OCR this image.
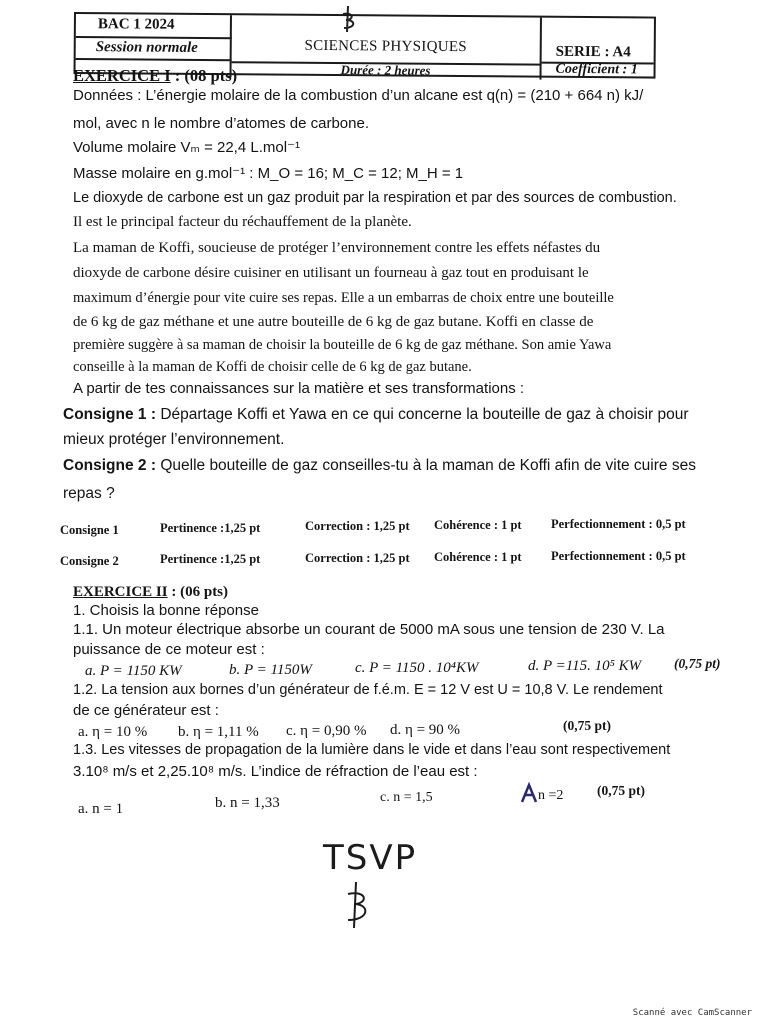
BAC 1 2024
Session normale	SCIENCES PHYSIQUES
Durée : 2 heures
SERIE : A4
Coefficient : 1
EXERCICE I : (08 pts)
Données : L’énergie molaire de la combustion d’un alcane est q(n) = (210 + 664 n) kJ/
mol, avec n le nombre d’atomes de carbone.
Volume molaire Vₘ = 22,4 L.mol⁻¹
Masse molaire en g.mol⁻¹ : M_O = 16; M_C = 12; M_H = 1
Le dioxyde de carbone est un gaz produit par la respiration et par des sources de combustion.
Il est le principal facteur du réchauffement de la planète.
La maman de Koffi, soucieuse de protéger l’environnement contre les effets néfastes du
dioxyde de carbone désire cuisiner en utilisant un fourneau à gaz tout en produisant le
maximum d’énergie pour vite cuire ses repas. Elle a un embarras de choix entre une bouteille
de 6 kg de gaz méthane et une autre bouteille de 6 kg de gaz butane. Koffi en classe de
première suggère à sa maman de choisir la bouteille de 6 kg de gaz méthane. Son amie Yawa
conseille à la maman de Koffi de choisir celle de 6 kg de gaz butane.
A partir de tes connaissances sur la matière et ses transformations :
Consigne 1 : Départage Koffi et Yawa en ce qui concerne la bouteille de gaz à choisir pour
mieux protéger l’environnement.
Consigne 2 : Quelle bouteille de gaz conseilles-tu à la maman de Koffi afin de vite cuire ses
repas ?
Consigne 1	Pertinence :1,25 pt	Correction : 1,25 pt Cohérence : 1 pt Perfectionnement : 0,5 pt
Consigne 2	Pertinence :1,25 pt	Correction : 1,25 pt Cohérence : 1 pt Perfectionnement : 0,5 pt
EXERCICE II : (06 pts)
1. Choisis la bonne réponse
1.1. Un moteur électrique absorbe un courant de 5000 mA sous une tension de 230 V. La
puissance de ce moteur est :
a. P = 1150 KW	b. P = 1150W	c. P = 1150 . 10⁴KW	d. P =115. 10⁵ KW (0,75 pt)
1.2. La tension aux bornes d’un générateur de f.é.m. E = 12 V est U = 10,8 V. Le rendement
de ce générateur est :
a. η = 10 % b. η = 1,11 % c. η = 0,90 % d. η = 90 %	(0,75 pt)
1.3. Les vitesses de propagation de la lumière dans le vide et dans l’eau sont respectivement
3.10⁸ m/s et 2,25.10⁸ m/s. L’indice de réfraction de l’eau est :
a. n = 1	b. n = 1,33	c. n = 1,5	n =2 (0,75 pt)
TSVP
Scanné avec CamScanner
